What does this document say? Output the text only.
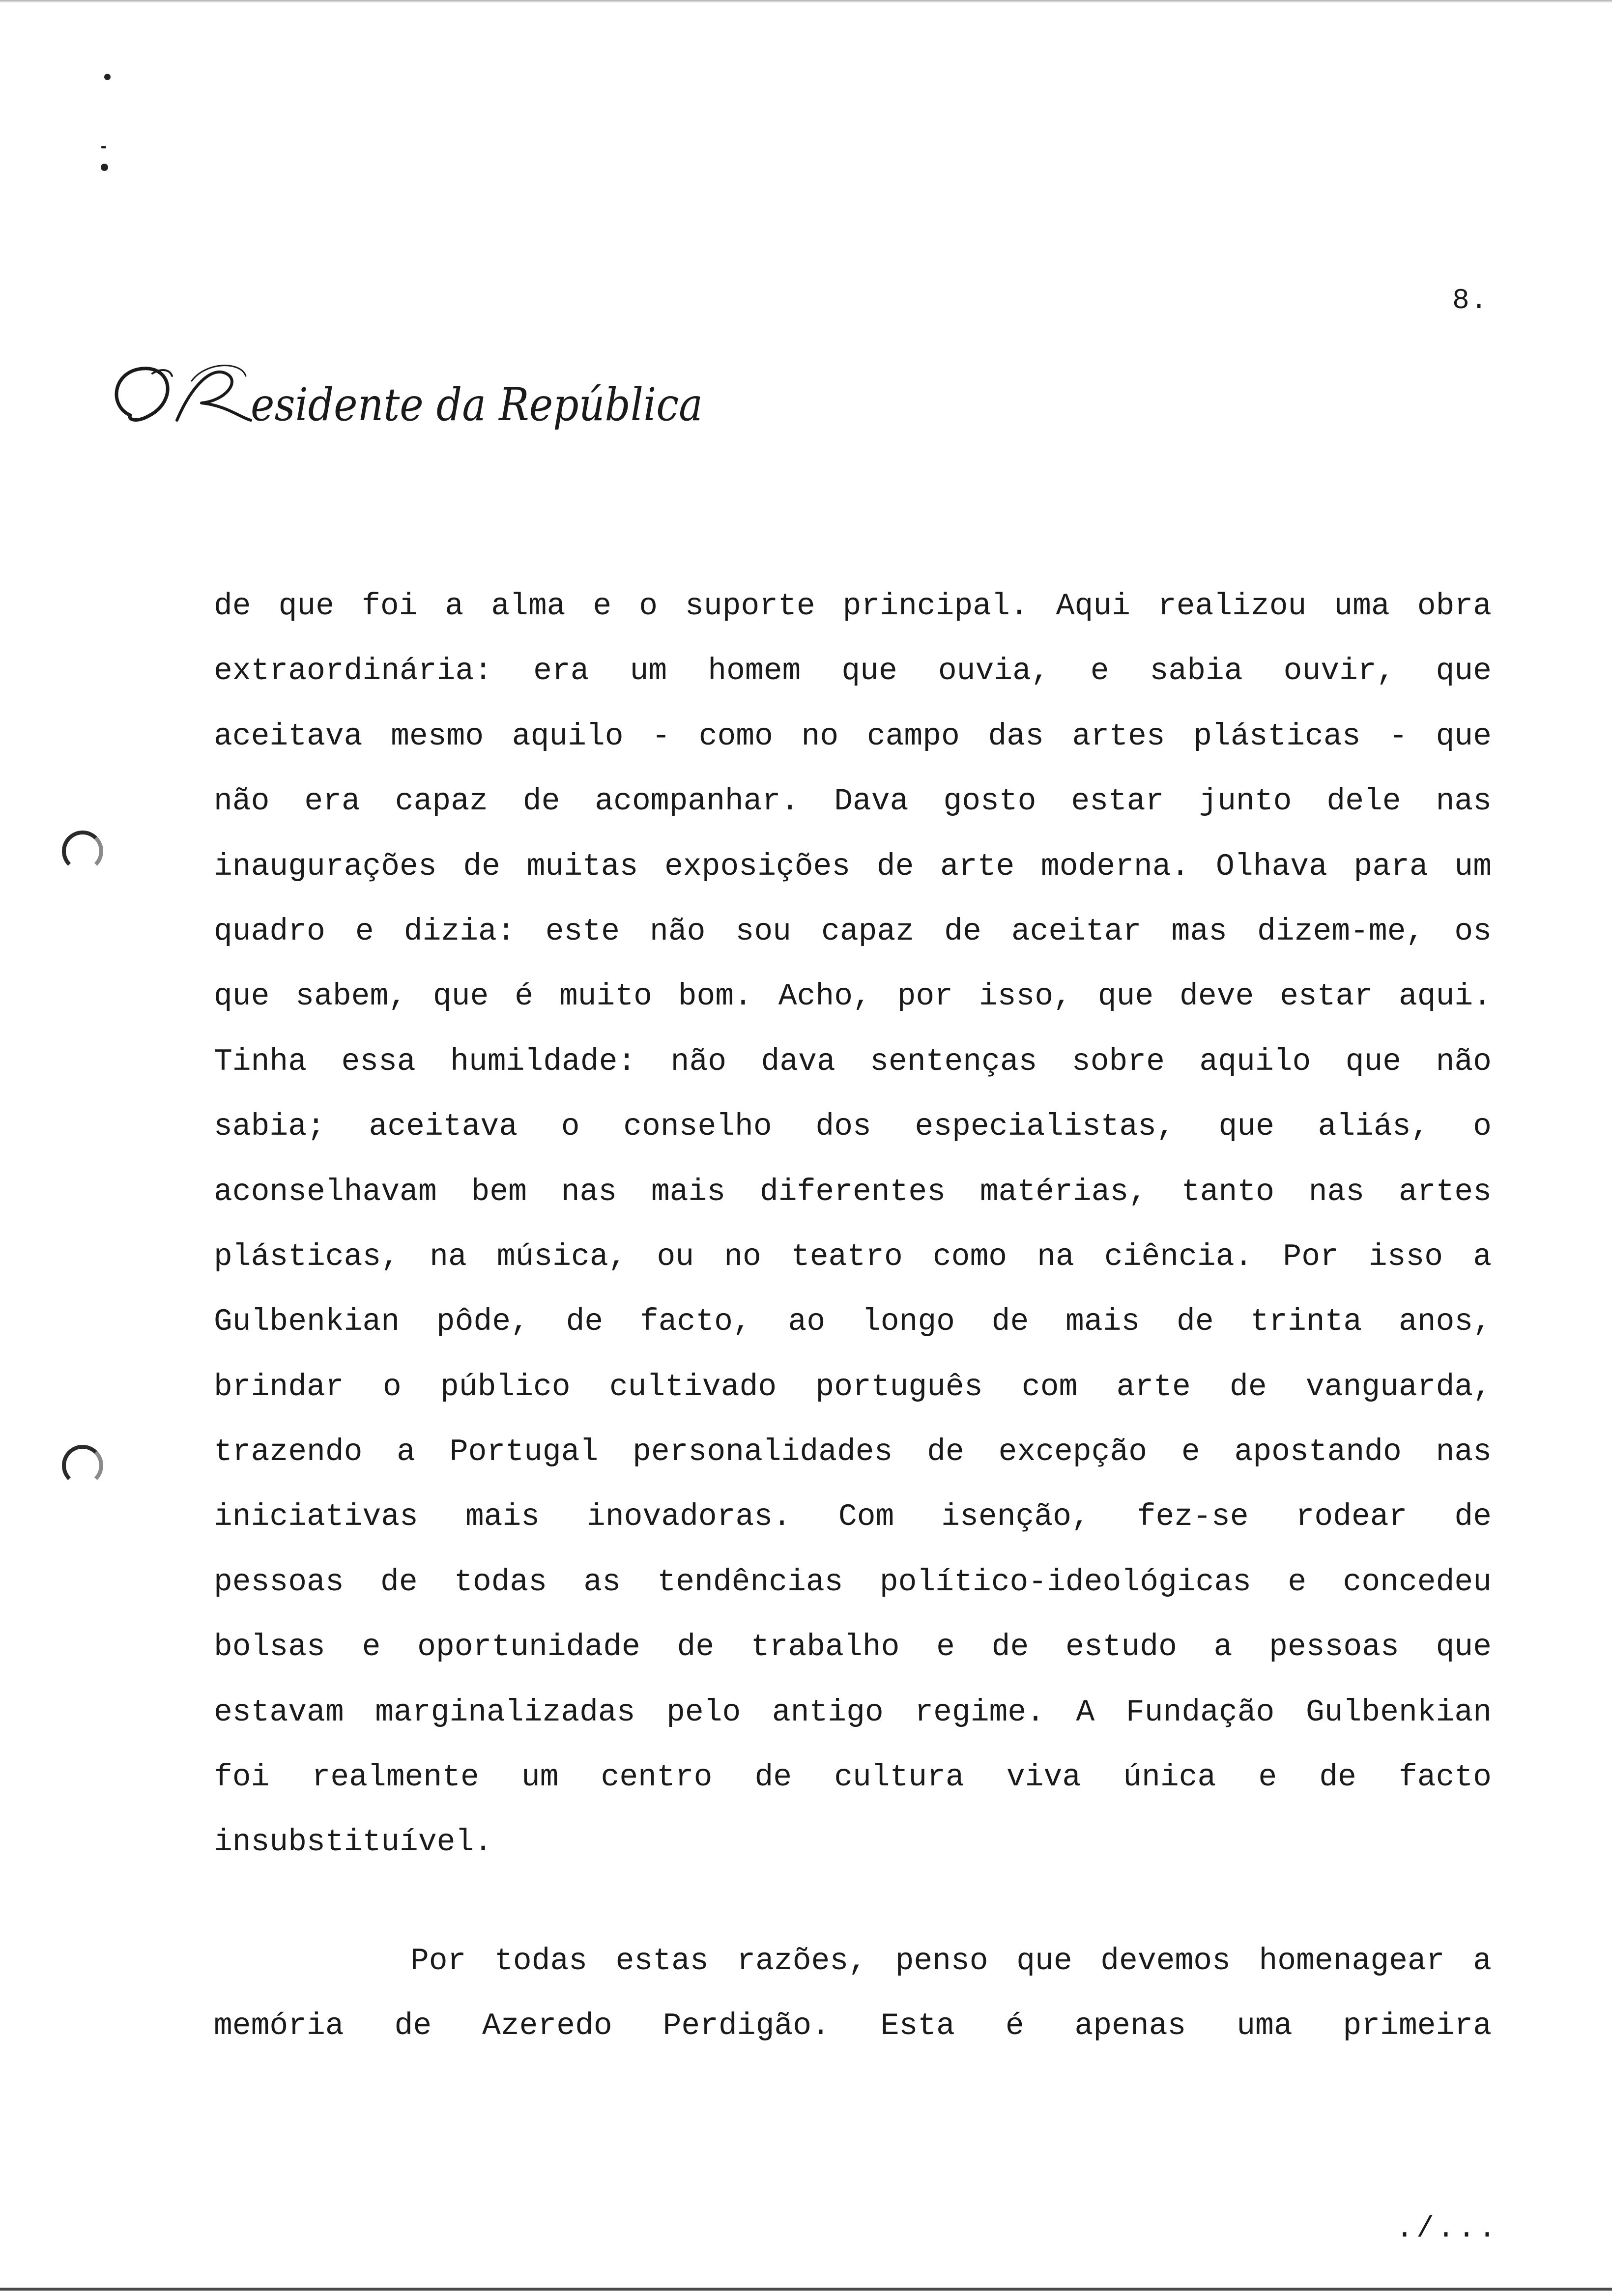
8.
esidente da República
de que foi a alma e o suporte principal. Aqui realizou uma obra
extraordinária: era um homem que ouvia, e sabia ouvir, que
aceitava mesmo aquilo - como no campo das artes plásticas - que
não era capaz de acompanhar. Dava gosto estar junto dele nas
inaugurações de muitas exposições de arte moderna. Olhava para um
quadro e dizia: este não sou capaz de aceitar mas dizem-me, os
que sabem, que é muito bom. Acho, por isso, que deve estar aqui.
Tinha essa humildade: não dava sentenças sobre aquilo que não
sabia; aceitava o conselho dos especialistas, que aliás, o
aconselhavam bem nas mais diferentes matérias, tanto nas artes
plásticas, na música, ou no teatro como na ciência. Por isso a
Gulbenkian pôde, de facto, ao longo de mais de trinta anos,
brindar o público cultivado português com arte de vanguarda,
trazendo a Portugal personalidades de excepção e apostando nas
iniciativas mais inovadoras. Com isenção, fez-se rodear de
pessoas de todas as tendências político-ideológicas e concedeu
bolsas e oportunidade de trabalho e de estudo a pessoas que
estavam marginalizadas pelo antigo regime. A Fundação Gulbenkian
foi realmente um centro de cultura viva única e de facto
insubstituível.
Por todas estas razões, penso que devemos homenagear a
memória de Azeredo Perdigão. Esta é apenas uma primeira
./...
